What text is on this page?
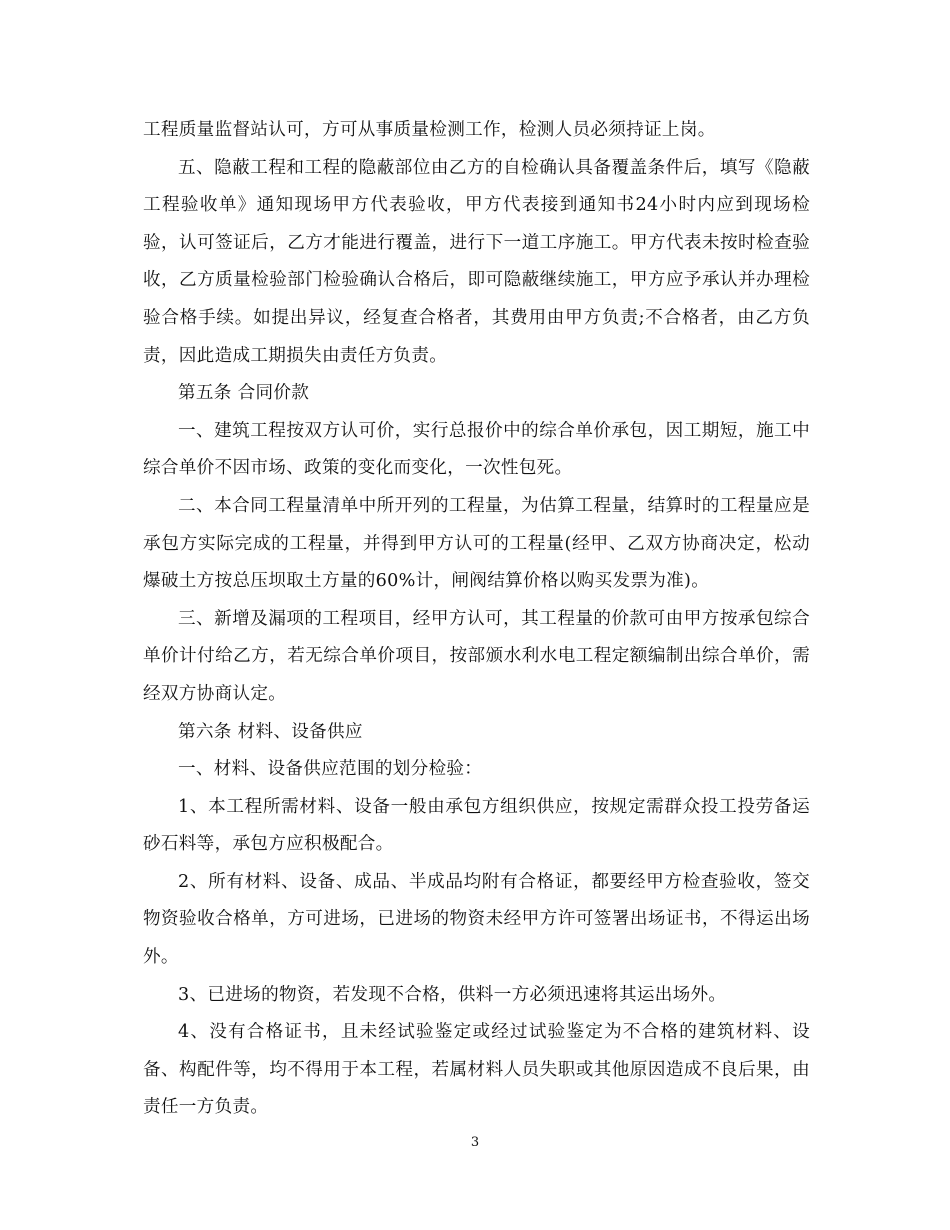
工程质量监督站认可，方可从事质量检测工作，检测人员必须持证上岗。

五、隐蔽工程和工程的隐蔽部位由乙方的自检确认具备覆盖条件后，填写《隐蔽工程验收单》通知现场甲方代表验收，甲方代表接到通知书24小时内应到现场检验，认可签证后，乙方才能进行覆盖，进行下一道工序施工。甲方代表未按时检查验收，乙方质量检验部门检验确认合格后，即可隐蔽继续施工，甲方应予承认并办理检验合格手续。如提出异议，经复查合格者，其费用由甲方负责;不合格者，由乙方负责，因此造成工期损失由责任方负责。

第五条 合同价款

一、建筑工程按双方认可价，实行总报价中的综合单价承包，因工期短，施工中综合单价不因市场、政策的变化而变化，一次性包死。

二、本合同工程量清单中所开列的工程量，为估算工程量，结算时的工程量应是承包方实际完成的工程量，并得到甲方认可的工程量(经甲、乙双方协商决定，松动爆破土方按总压坝取土方量的60%计，闸阀结算价格以购买发票为准)。

三、新增及漏项的工程项目，经甲方认可，其工程量的价款可由甲方按承包综合单价计付给乙方，若无综合单价项目，按部颁水利水电工程定额编制出综合单价，需经双方协商认定。

第六条 材料、设备供应

一、材料、设备供应范围的划分检验：

1、本工程所需材料、设备一般由承包方组织供应，按规定需群众投工投劳备运砂石料等，承包方应积极配合。

2、所有材料、设备、成品、半成品均附有合格证，都要经甲方检查验收，签交物资验收合格单，方可进场，已进场的物资未经甲方许可签署出场证书，不得运出场外。

3、已进场的物资，若发现不合格，供料一方必须迅速将其运出场外。

4、没有合格证书，且未经试验鉴定或经过试验鉴定为不合格的建筑材料、设备、构配件等，均不得用于本工程，若属材料人员失职或其他原因造成不良后果，由责任一方负责。

3
